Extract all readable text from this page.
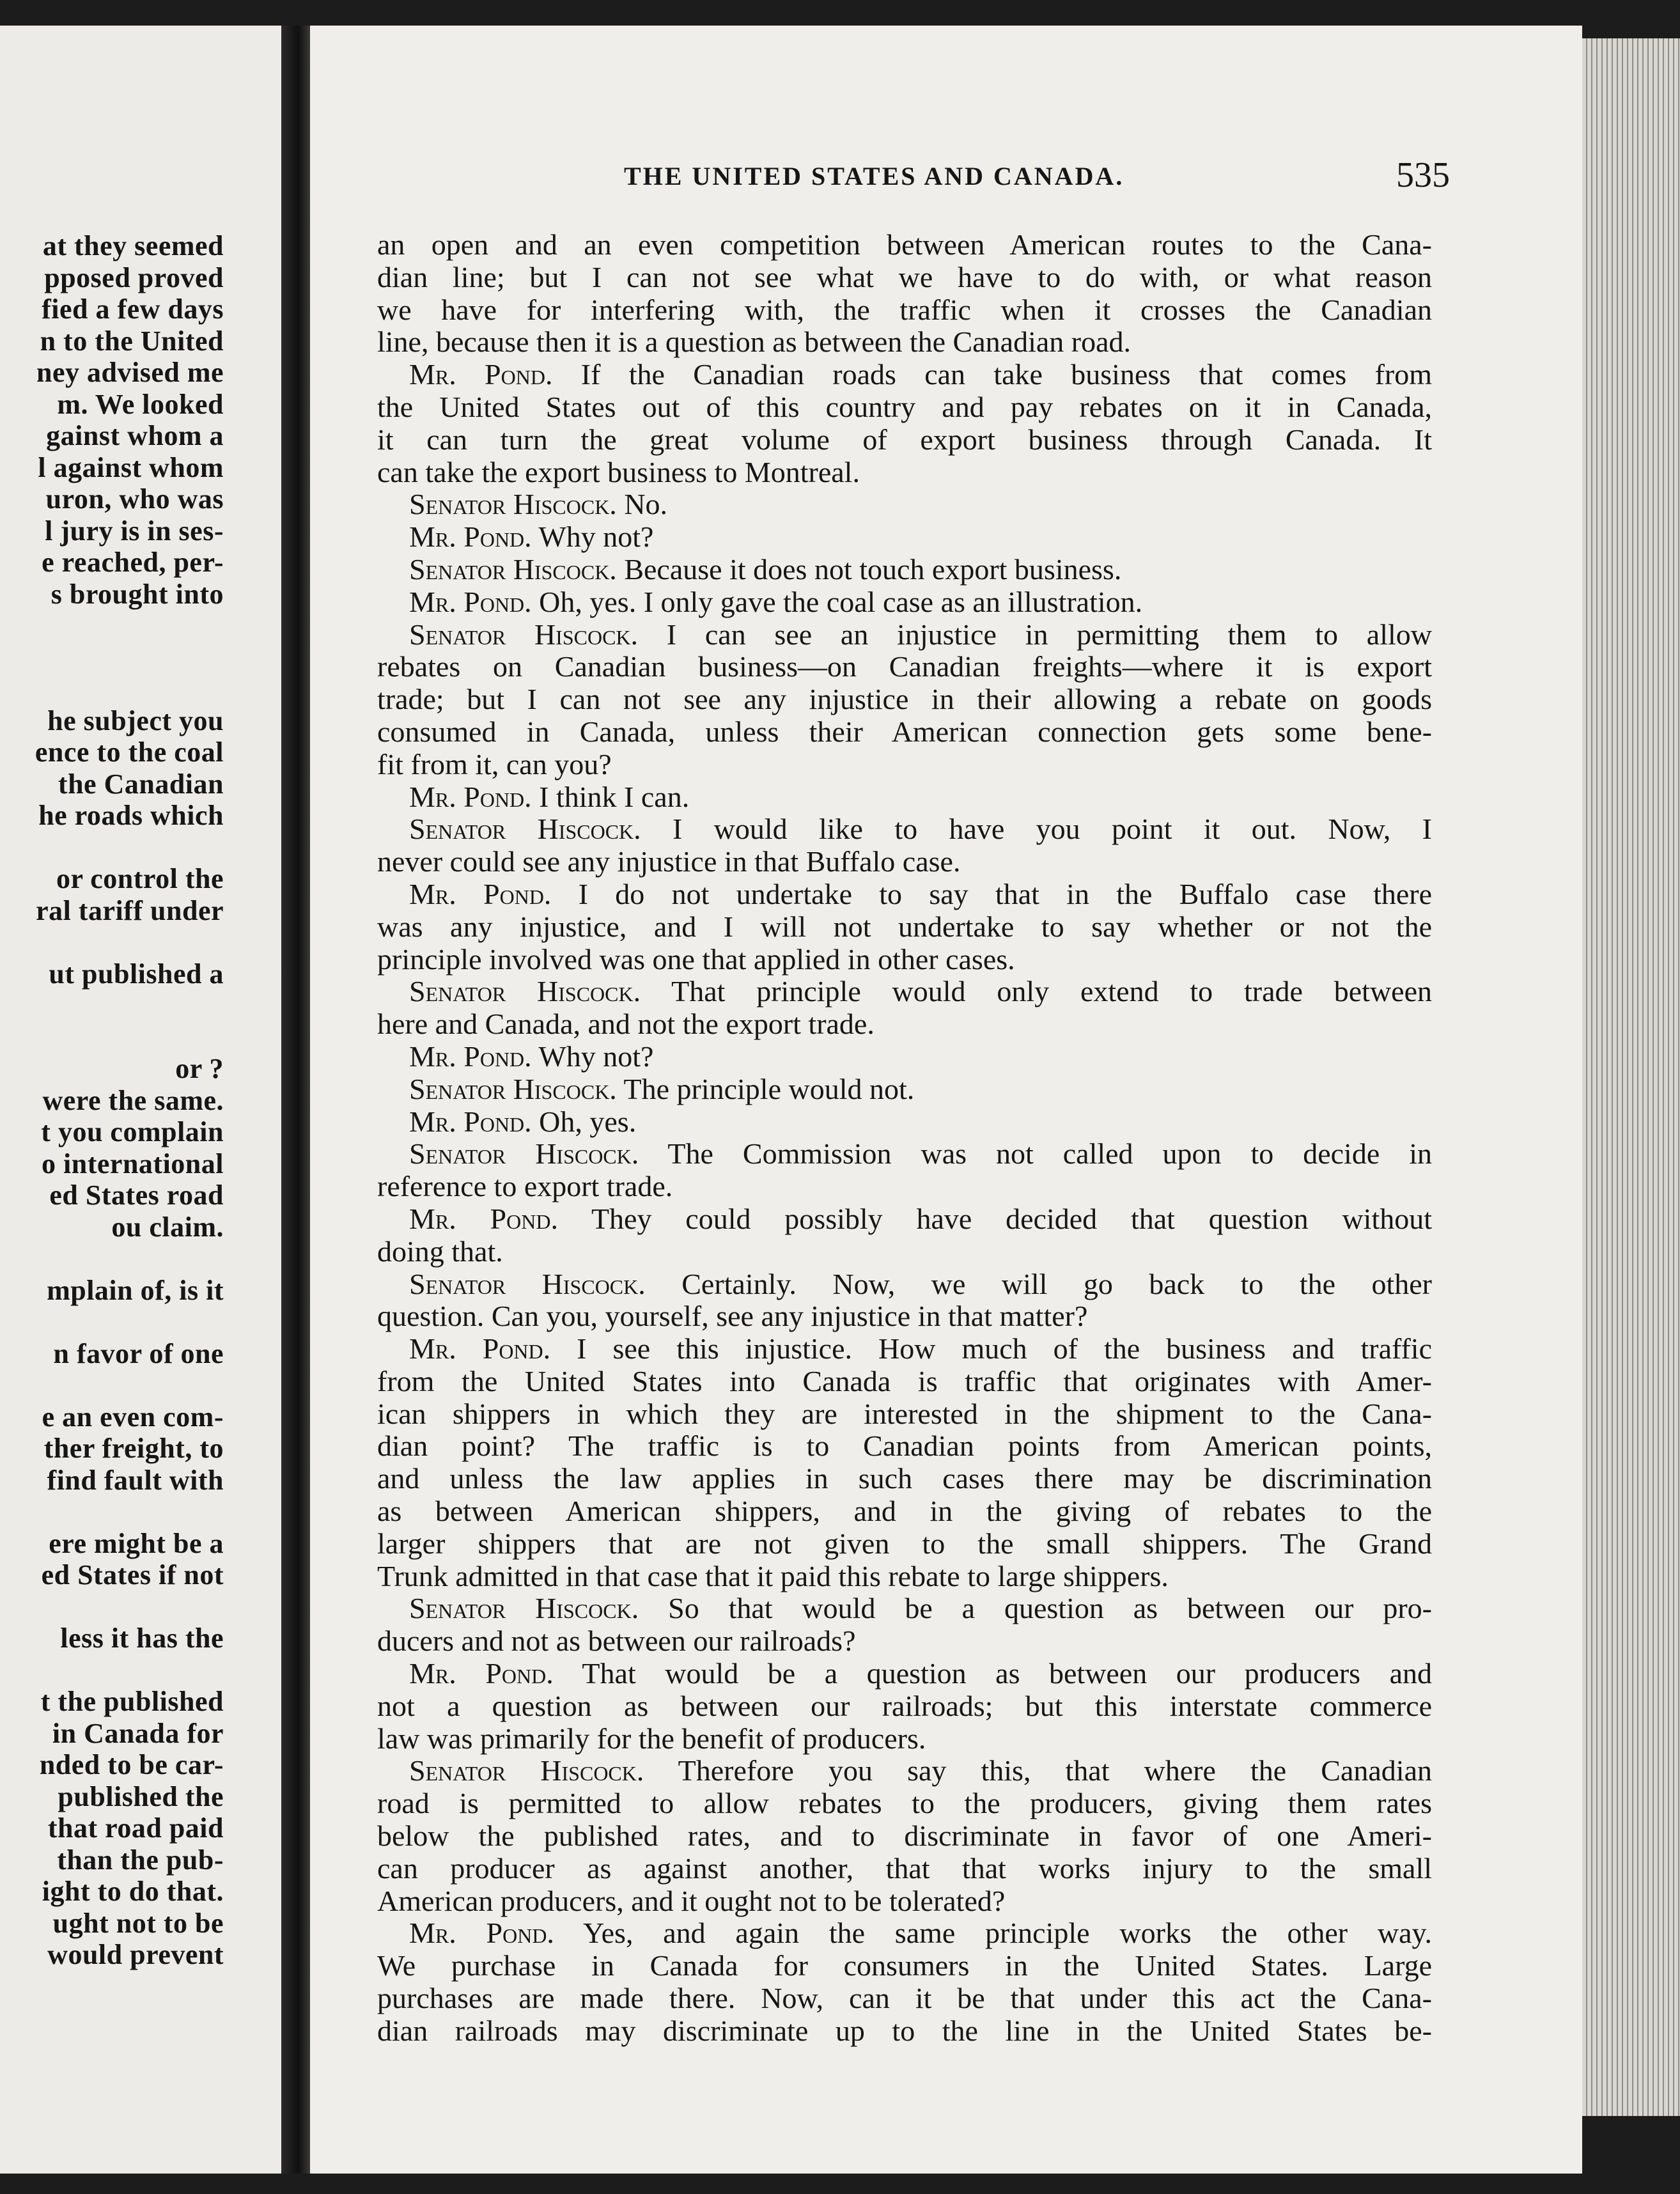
at they seemed
pposed proved
fied a few days
n to the United
ney advised me
m. We looked
gainst whom a
l against whom
uron, who was
l jury is in ses-
e reached, per-
s brought into
he subject you
ence to the coal
the Canadian
he roads which
or control the
ral tariff under
ut published a
or ?
were the same.
t you complain
o international
ed States road
ou claim.
mplain of, is it
n favor of one
e an even com-
ther freight, to
find fault with
ere might be a
ed States if not
less it has the
t the published
in Canada for
nded to be car-
published the
that road paid
than the pub-
ight to do that.
ught not to be
would prevent
THE UNITED STATES AND CANADA.	535
an open and an even competition between American routes to the Cana-
dian line; but I can not see what we have to do with, or what reason
we have for interfering with, the traffic when it crosses the Canadian
line, because then it is a question as between the Canadian road.
Mr. Pond. If the Canadian roads can take business that comes from
the United States out of this country and pay rebates on it in Canada,
it can turn the great volume of export business through Canada. It
can take the export business to Montreal.
Senator Hiscock. No.
Mr. Pond. Why not?
Senator Hiscock. Because it does not touch export business.
Mr. Pond. Oh, yes. I only gave the coal case as an illustration.
Senator Hiscock. I can see an injustice in permitting them to allow
rebates on Canadian business—on Canadian freights—where it is export
trade; but I can not see any injustice in their allowing a rebate on goods
consumed in Canada, unless their American connection gets some bene-
fit from it, can you?
Mr. Pond. I think I can.
Senator Hiscock. I would like to have you point it out. Now, I
never could see any injustice in that Buffalo case.
Mr. Pond. I do not undertake to say that in the Buffalo case there
was any injustice, and I will not undertake to say whether or not the
principle involved was one that applied in other cases.
Senator Hiscock. That principle would only extend to trade between
here and Canada, and not the export trade.
Mr. Pond. Why not?
Senator Hiscock. The principle would not.
Mr. Pond. Oh, yes.
Senator Hiscock. The Commission was not called upon to decide in
reference to export trade.
Mr. Pond. They could possibly have decided that question without
doing that.
Senator Hiscock. Certainly. Now, we will go back to the other
question. Can you, yourself, see any injustice in that matter?
Mr. Pond. I see this injustice. How much of the business and traffic
from the United States into Canada is traffic that originates with Amer-
ican shippers in which they are interested in the shipment to the Cana-
dian point? The traffic is to Canadian points from American points,
and unless the law applies in such cases there may be discrimination
as between American shippers, and in the giving of rebates to the
larger shippers that are not given to the small shippers. The Grand
Trunk admitted in that case that it paid this rebate to large shippers.
Senator Hiscock. So that would be a question as between our pro-
ducers and not as between our railroads?
Mr. Pond. That would be a question as between our producers and
not a question as between our railroads; but this interstate commerce
law was primarily for the benefit of producers.
Senator Hiscock. Therefore you say this, that where the Canadian
road is permitted to allow rebates to the producers, giving them rates
below the published rates, and to discriminate in favor of one Ameri-
can producer as against another, that that works injury to the small
American producers, and it ought not to be tolerated?
Mr. Pond. Yes, and again the same principle works the other way.
We purchase in Canada for consumers in the United States. Large
purchases are made there. Now, can it be that under this act the Cana-
dian railroads may discriminate up to the line in the United States be-
